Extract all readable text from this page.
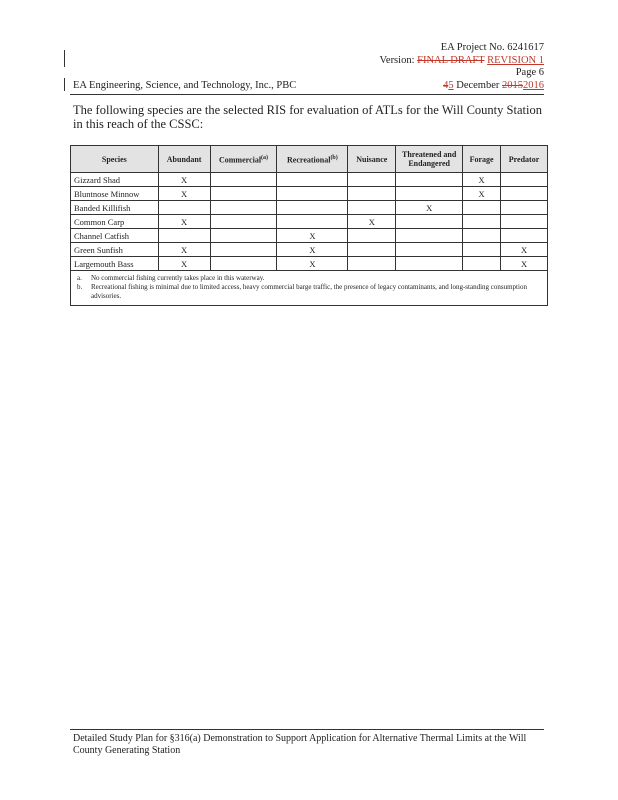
EA Project No. 6241617
Version: FINAL DRAFT REVISION 1
Page 6
45 December 20152016
EA Engineering, Science, and Technology, Inc., PBC
The following species are the selected RIS for evaluation of ATLs for the Will County Station in this reach of the CSSC:
Species	Abundant	Commercial$^{(a)}$	Recreational$^{(b)}$	Nuisance	Threatened and Endangered	Forage	Predator
Gizzard Shad	X					X	
Bluntnose Minnow	X					X	
Banded Killifish					X		
Common Carp	X			X			
Channel Catfish			X				
Green Sunfish	X		X				X
Largemouth Bass	X		X				X

a. No commercial fishing currently takes place in this waterway.
b. Recreational fishing is minimal due to limited access, heavy commercial barge traffic, the presence of legacy contaminants, and long-standing consumption advisories.							
Detailed Study Plan for §316(a) Demonstration to Support Application for Alternative Thermal Limits at the Will County Generating Station
